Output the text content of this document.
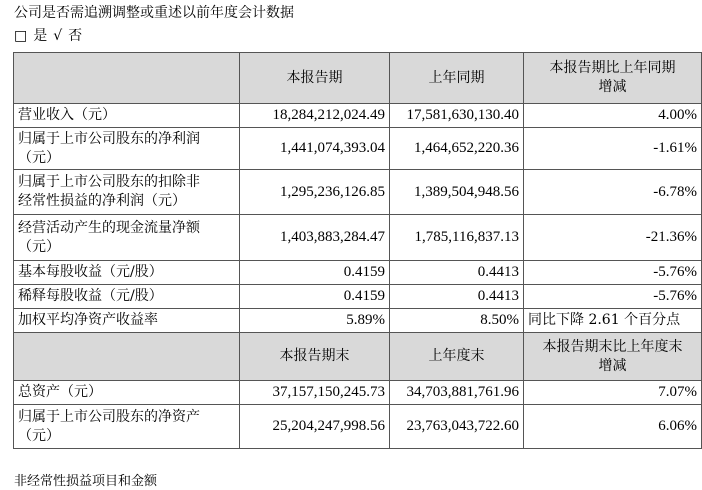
公司是否需追溯调整或重述以前年度会计数据
□ 是 √ 否
	本报告期	上年同期	本报告期比上年同期
增减

营业收入（元）	18,284,212,024.49	17,581,630,130.40	4.00%

归属于上市公司股东的净利润
（元）	1,441,074,393.04	1,464,652,220.36	-1.61%

归属于上市公司股东的扣除非
经常性损益的净利润（元）	1,295,236,126.85	1,389,504,948.56	-6.78%

经营活动产生的现金流量净额
（元）	1,403,883,284.47	1,785,116,837.13	-21.36%

基本每股收益（元/股）	0.4159	0.4413	-5.76%

稀释每股收益（元/股）	0.4159	0.4413	-5.76%

加权平均净资产收益率	5.89%	8.50%	同比下降 2.61 个百分点
	本报告期末	上年度末	本报告期末比上年度末
增减

总资产（元）	37,157,150,245.73	34,703,881,761.96	7.07%

归属于上市公司股东的净资产
（元）	25,204,247,998.56	23,763,043,722.60	6.06%
非经常性损益项目和金额
